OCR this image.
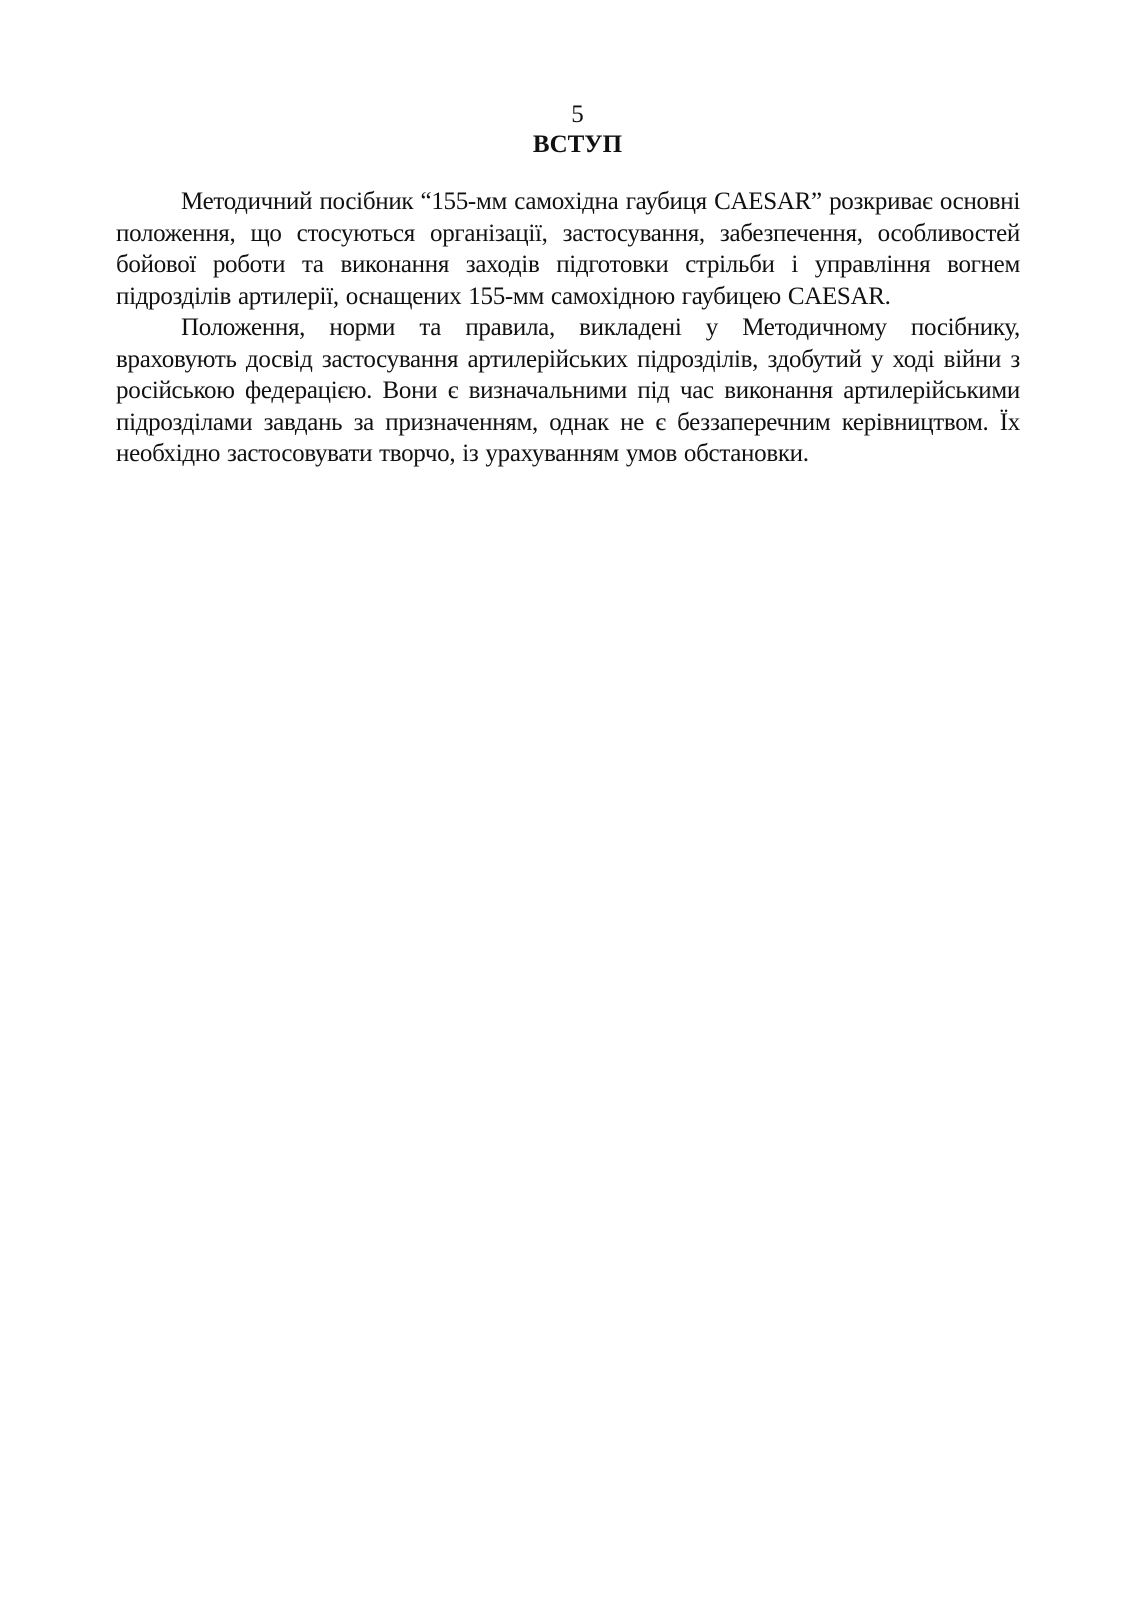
5
ВСТУП

Методичний посібник “155-мм самохідна гаубиця CAESAR” розкриває основні положення, що стосуються організації, застосування, забезпечення, особливостей бойової роботи та виконання заходів підготовки стрільби і управління вогнем підрозділів артилерії, оснащених 155-мм самохідною гаубицею CAESAR.

Положення, норми та правила, викладені у Методичному посібнику, враховують досвід застосування артилерійських підрозділів, здобутий у ході війни з російською федерацією. Вони є визначальними під час виконання артилерійськими підрозділами завдань за призначенням, однак не є беззаперечним керівництвом. Їх необхідно застосовувати творчо, із урахуванням умов обстановки.
